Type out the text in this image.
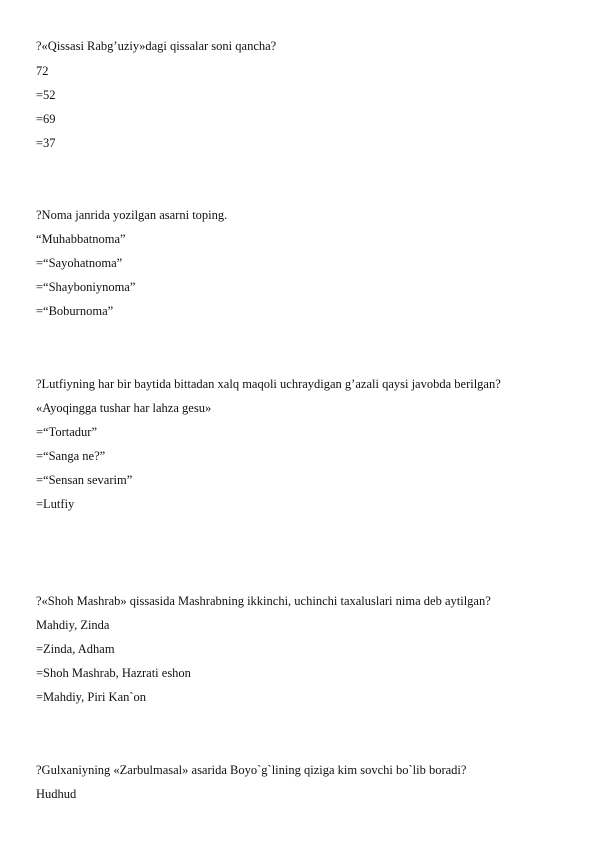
?«Qissasi Rabg’uziy»dagi qissalar soni qancha?
72
=52
=69
=37
?Noma janrida yozilgan asarni toping.
“Muhabbatnoma”
=“Sayohatnoma”
=“Shayboniynoma”
=“Boburnoma”
?Lutfiyning har bir baytida bittadan xalq maqoli uchraydigan g’azali qaysi javobda berilgan?
«Ayoqingga tushar har lahza gesu»
=“Tortadur”
=“Sanga ne?”
=“Sensan sevarim”
=Lutfiy
?«Shoh Mashrab» qissasida Mashrabning ikkinchi, uchinchi taxaluslari nima deb aytilgan?
Mahdiy, Zinda
=Zinda, Adham
=Shoh Mashrab, Hazrati eshon
=Mahdiy, Piri Kan`on
?Gulxaniyning «Zarbulmasal» asarida Boyo`g`lining qiziga kim sovchi bo`lib boradi?
Hudhud
